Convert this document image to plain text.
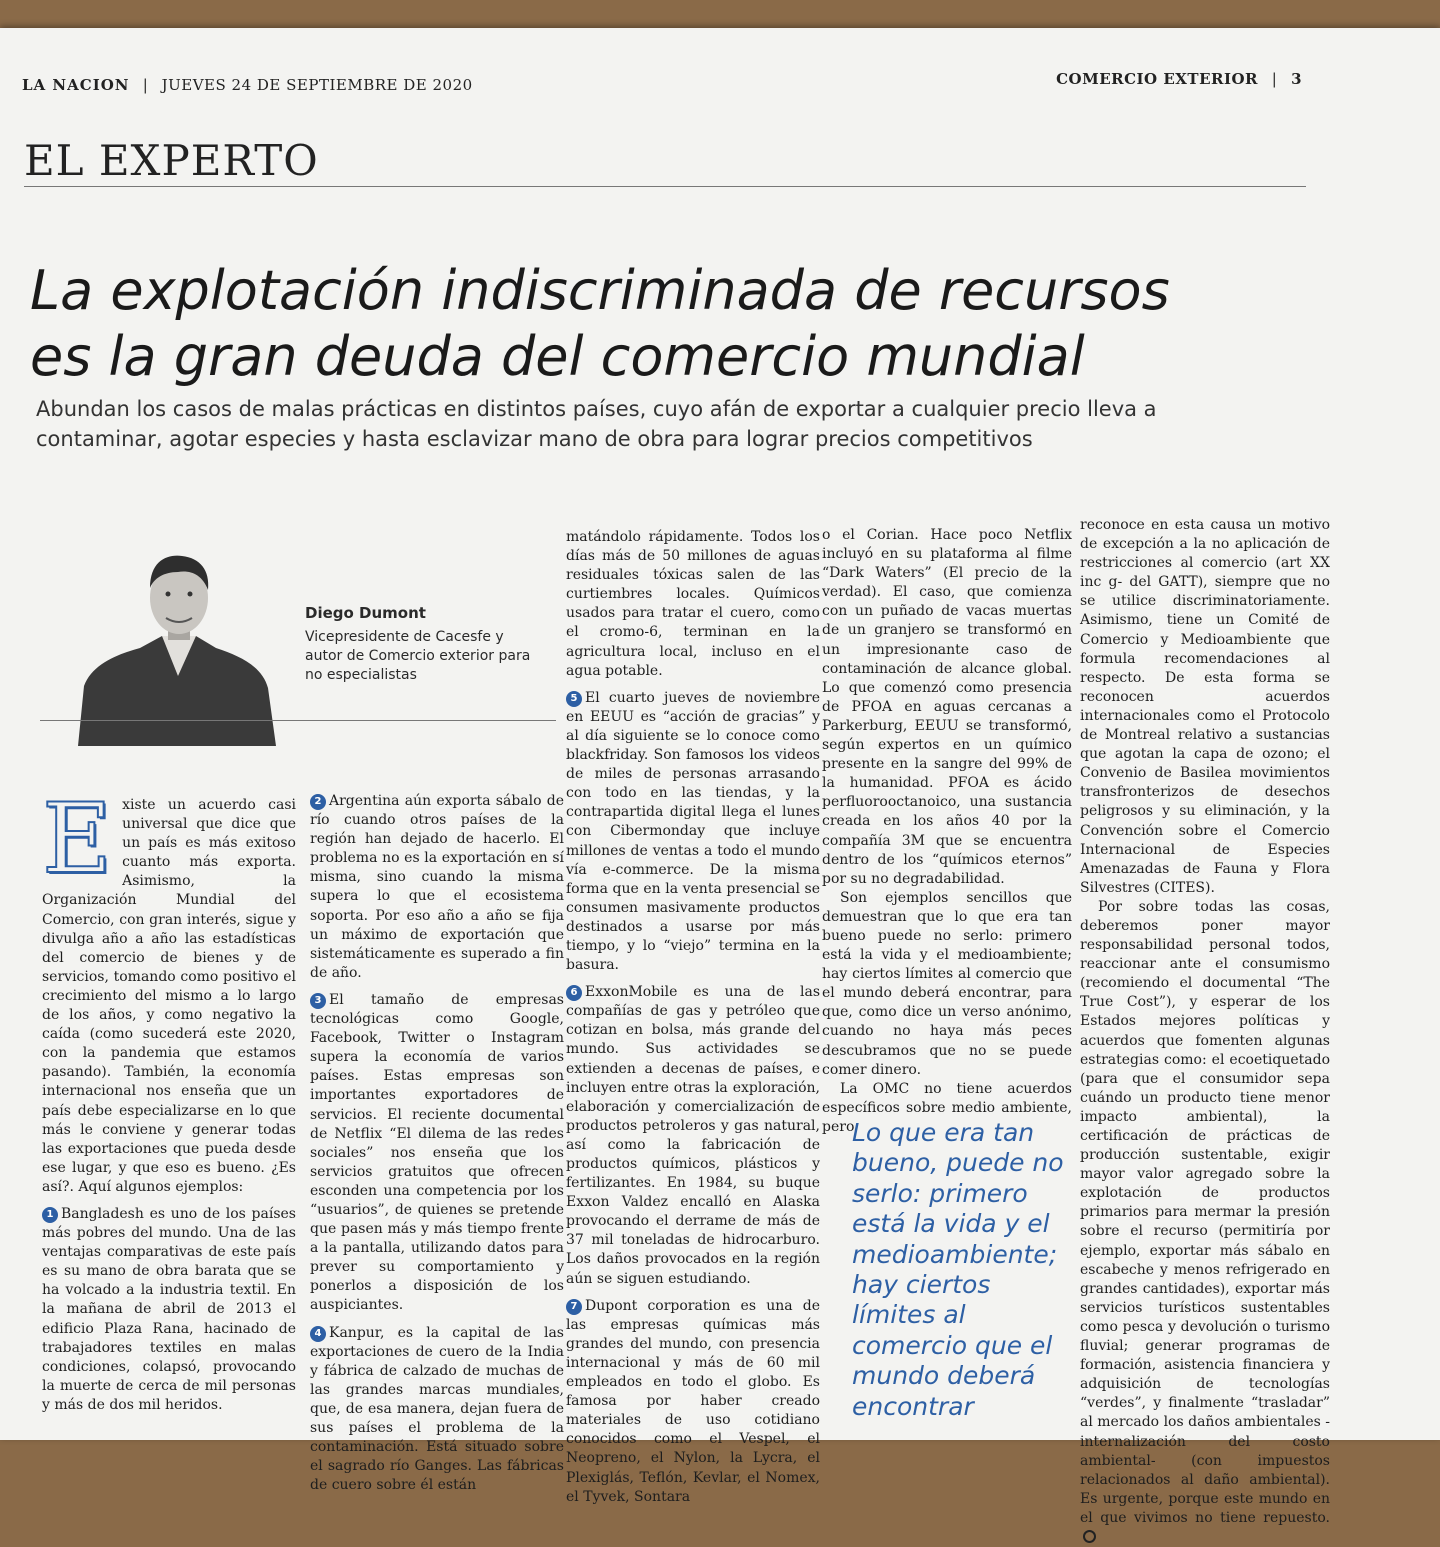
LA NACION | JUEVES 24 DE SEPTIEMBRE DE 2020	COMERCIO EXTERIOR | 3
EL EXPERTO
La explotación indiscriminada de recursos es la gran deuda del comercio mundial
Abundan los casos de malas prácticas en distintos países, cuyo afán de exportar a cualquier precio lleva a contaminar, agotar especies y hasta esclavizar mano de obra para lograr precios competitivos
Diego Dumont
Vicepresidente de Cacesfe y autor de Comercio exterior para no especialistas
E xiste un acuerdo casi universal que dice que un país es más exitoso cuanto más exporta. Asimismo, la Organización Mundial del Comercio, con gran interés, sigue y divulga año a año las estadísticas del comercio de bienes y de servicios, tomando como positivo el crecimiento del mismo a lo largo de los años, y como negativo la caída (como sucederá este 2020, con la pandemia que estamos pasando). También, la economía internacional nos enseña que un país debe especializarse en lo que más le conviene y generar todas las exportaciones que pueda desde ese lugar, y que eso es bueno. ¿Es así?. Aquí algunos ejemplos:

1 Bangladesh es uno de los países más pobres del mundo. Una de las ventajas comparativas de este país es su mano de obra barata que se ha volcado a la industria textil. En la mañana de abril de 2013 el edificio Plaza Rana, hacinado de trabajadores textiles en malas condiciones, colapsó, provocando la muerte de cerca de mil personas y más de dos mil heridos.

2 Argentina aún exporta sábalo de río cuando otros países de la región han dejado de hacerlo. El problema no es la exportación en sí misma, sino cuando la misma supera lo que el ecosistema soporta. Por eso año a año se fija un máximo de exportación que sistemáticamente es superado a fin de año.

3 El tamaño de empresas tecnológicas como Google, Facebook, Twitter o Instagram supera la economía de varios países. Estas empresas son importantes exportadores de servicios. El reciente documental de Netflix “El dilema de las redes sociales” nos enseña que los servicios gratuitos que ofrecen esconden una competencia por los “usuarios”, de quienes se pretende que pasen más y más tiempo frente a la pantalla, utilizando datos para prever su comportamiento y ponerlos a disposición de los auspiciantes.

4 Kanpur, es la capital de las exportaciones de cuero de la India y fábrica de calzado de muchas de las grandes marcas mundiales, que, de esa manera, dejan fuera de sus países el problema de la contaminación. Está situado sobre el sagrado río Ganges. Las fábricas de cuero sobre él están

matándolo rápidamente. Todos los días más de 50 millones de aguas residuales tóxicas salen de las curtiembres locales. Químicos usados para tratar el cuero, como el cromo-6, terminan en la agricultura local, incluso en el agua potable.

5 El cuarto jueves de noviembre en EEUU es “acción de gracias” y al día siguiente se lo conoce como blackfriday. Son famosos los videos de miles de personas arrasando con todo en las tiendas, y la contrapartida digital llega el lunes con Cibermonday que incluye millones de ventas a todo el mundo vía e-commerce. De la misma forma que en la venta presencial se consumen masivamente productos destinados a usarse por más tiempo, y lo “viejo” termina en la basura.

6 ExxonMobile es una de las compañías de gas y petróleo que cotizan en bolsa, más grande del mundo. Sus actividades se extienden a decenas de países, e incluyen entre otras la exploración, elaboración y comercialización de productos petroleros y gas natural, así como la fabricación de productos químicos, plásticos y fertilizantes. En 1984, su buque Exxon Valdez encalló en Alaska provocando el derrame de más de 37 mil toneladas de hidrocarburo. Los daños provocados en la región aún se siguen estudiando.

7 Dupont corporation es una de las empresas químicas más grandes del mundo, con presencia internacional y más de 60 mil empleados en todo el globo. Es famosa por haber creado materiales de uso cotidiano conocidos como el Vespel, el Neopreno, el Nylon, la Lycra, el Plexiglás, Teflón, Kevlar, el Nomex, el Tyvek, Sontara

o el Corian. Hace poco Netflix incluyó en su plataforma al filme “Dark Waters” (El precio de la verdad). El caso, que comienza con un puñado de vacas muertas de un granjero se transformó en un impresionante caso de contaminación de alcance global. Lo que comenzó como presencia de PFOA en aguas cercanas a Parkerburg, EEUU se transformó, según expertos en un químico presente en la sangre del 99% de la humanidad. PFOA es ácido perfluorooctanoico, una sustancia creada en los años 40 por la compañía 3M que se encuentra dentro de los “químicos eternos” por su no degradabilidad.

Son ejemplos sencillos que demuestran que lo que era tan bueno puede no serlo: primero está la vida y el medioambiente; hay ciertos límites al comercio que el mundo deberá encontrar, para que, como dice un verso anónimo, cuando no haya más peces descubramos que no se puede comer dinero.

La OMC no tiene acuerdos específicos sobre medio ambiente, pero

Lo que era tan bueno, puede no serlo: primero está la vida y el medioambiente; hay ciertos límites al comercio que el mundo deberá encontrar

reconoce en esta causa un motivo de excepción a la no aplicación de restricciones al comercio (art XX inc g- del GATT), siempre que no se utilice discriminatoriamente. Asimismo, tiene un Comité de Comercio y Medioambiente que formula recomendaciones al respecto. De esta forma se reconocen acuerdos internacionales como el Protocolo de Montreal relativo a sustancias que agotan la capa de ozono; el Convenio de Basilea movimientos transfronterizos de desechos peligrosos y su eliminación, y la Convención sobre el Comercio Internacional de Especies Amenazadas de Fauna y Flora Silvestres (CITES).

Por sobre todas las cosas, deberemos poner mayor responsabilidad personal todos, reaccionar ante el consumismo (recomiendo el documental “The True Cost”), y esperar de los Estados mejores políticas y acuerdos que fomenten algunas estrategias como: el ecoetiquetado (para que el consumidor sepa cuándo un producto tiene menor impacto ambiental), la certificación de prácticas de producción sustentable, exigir mayor valor agregado sobre la explotación de productos primarios para mermar la presión sobre el recurso (permitiría por ejemplo, exportar más sábalo en escabeche y menos refrigerado en grandes cantidades), exportar más servicios turísticos sustentables como pesca y devolución o turismo fluvial; generar programas de formación, asistencia financiera y adquisición de tecnologías “verdes”, y finalmente “trasladar” al mercado los daños ambientales -internalización del costo ambiental- (con impuestos relacionados al daño ambiental). Es urgente, porque este mundo en el que vivimos no tiene repuesto.
